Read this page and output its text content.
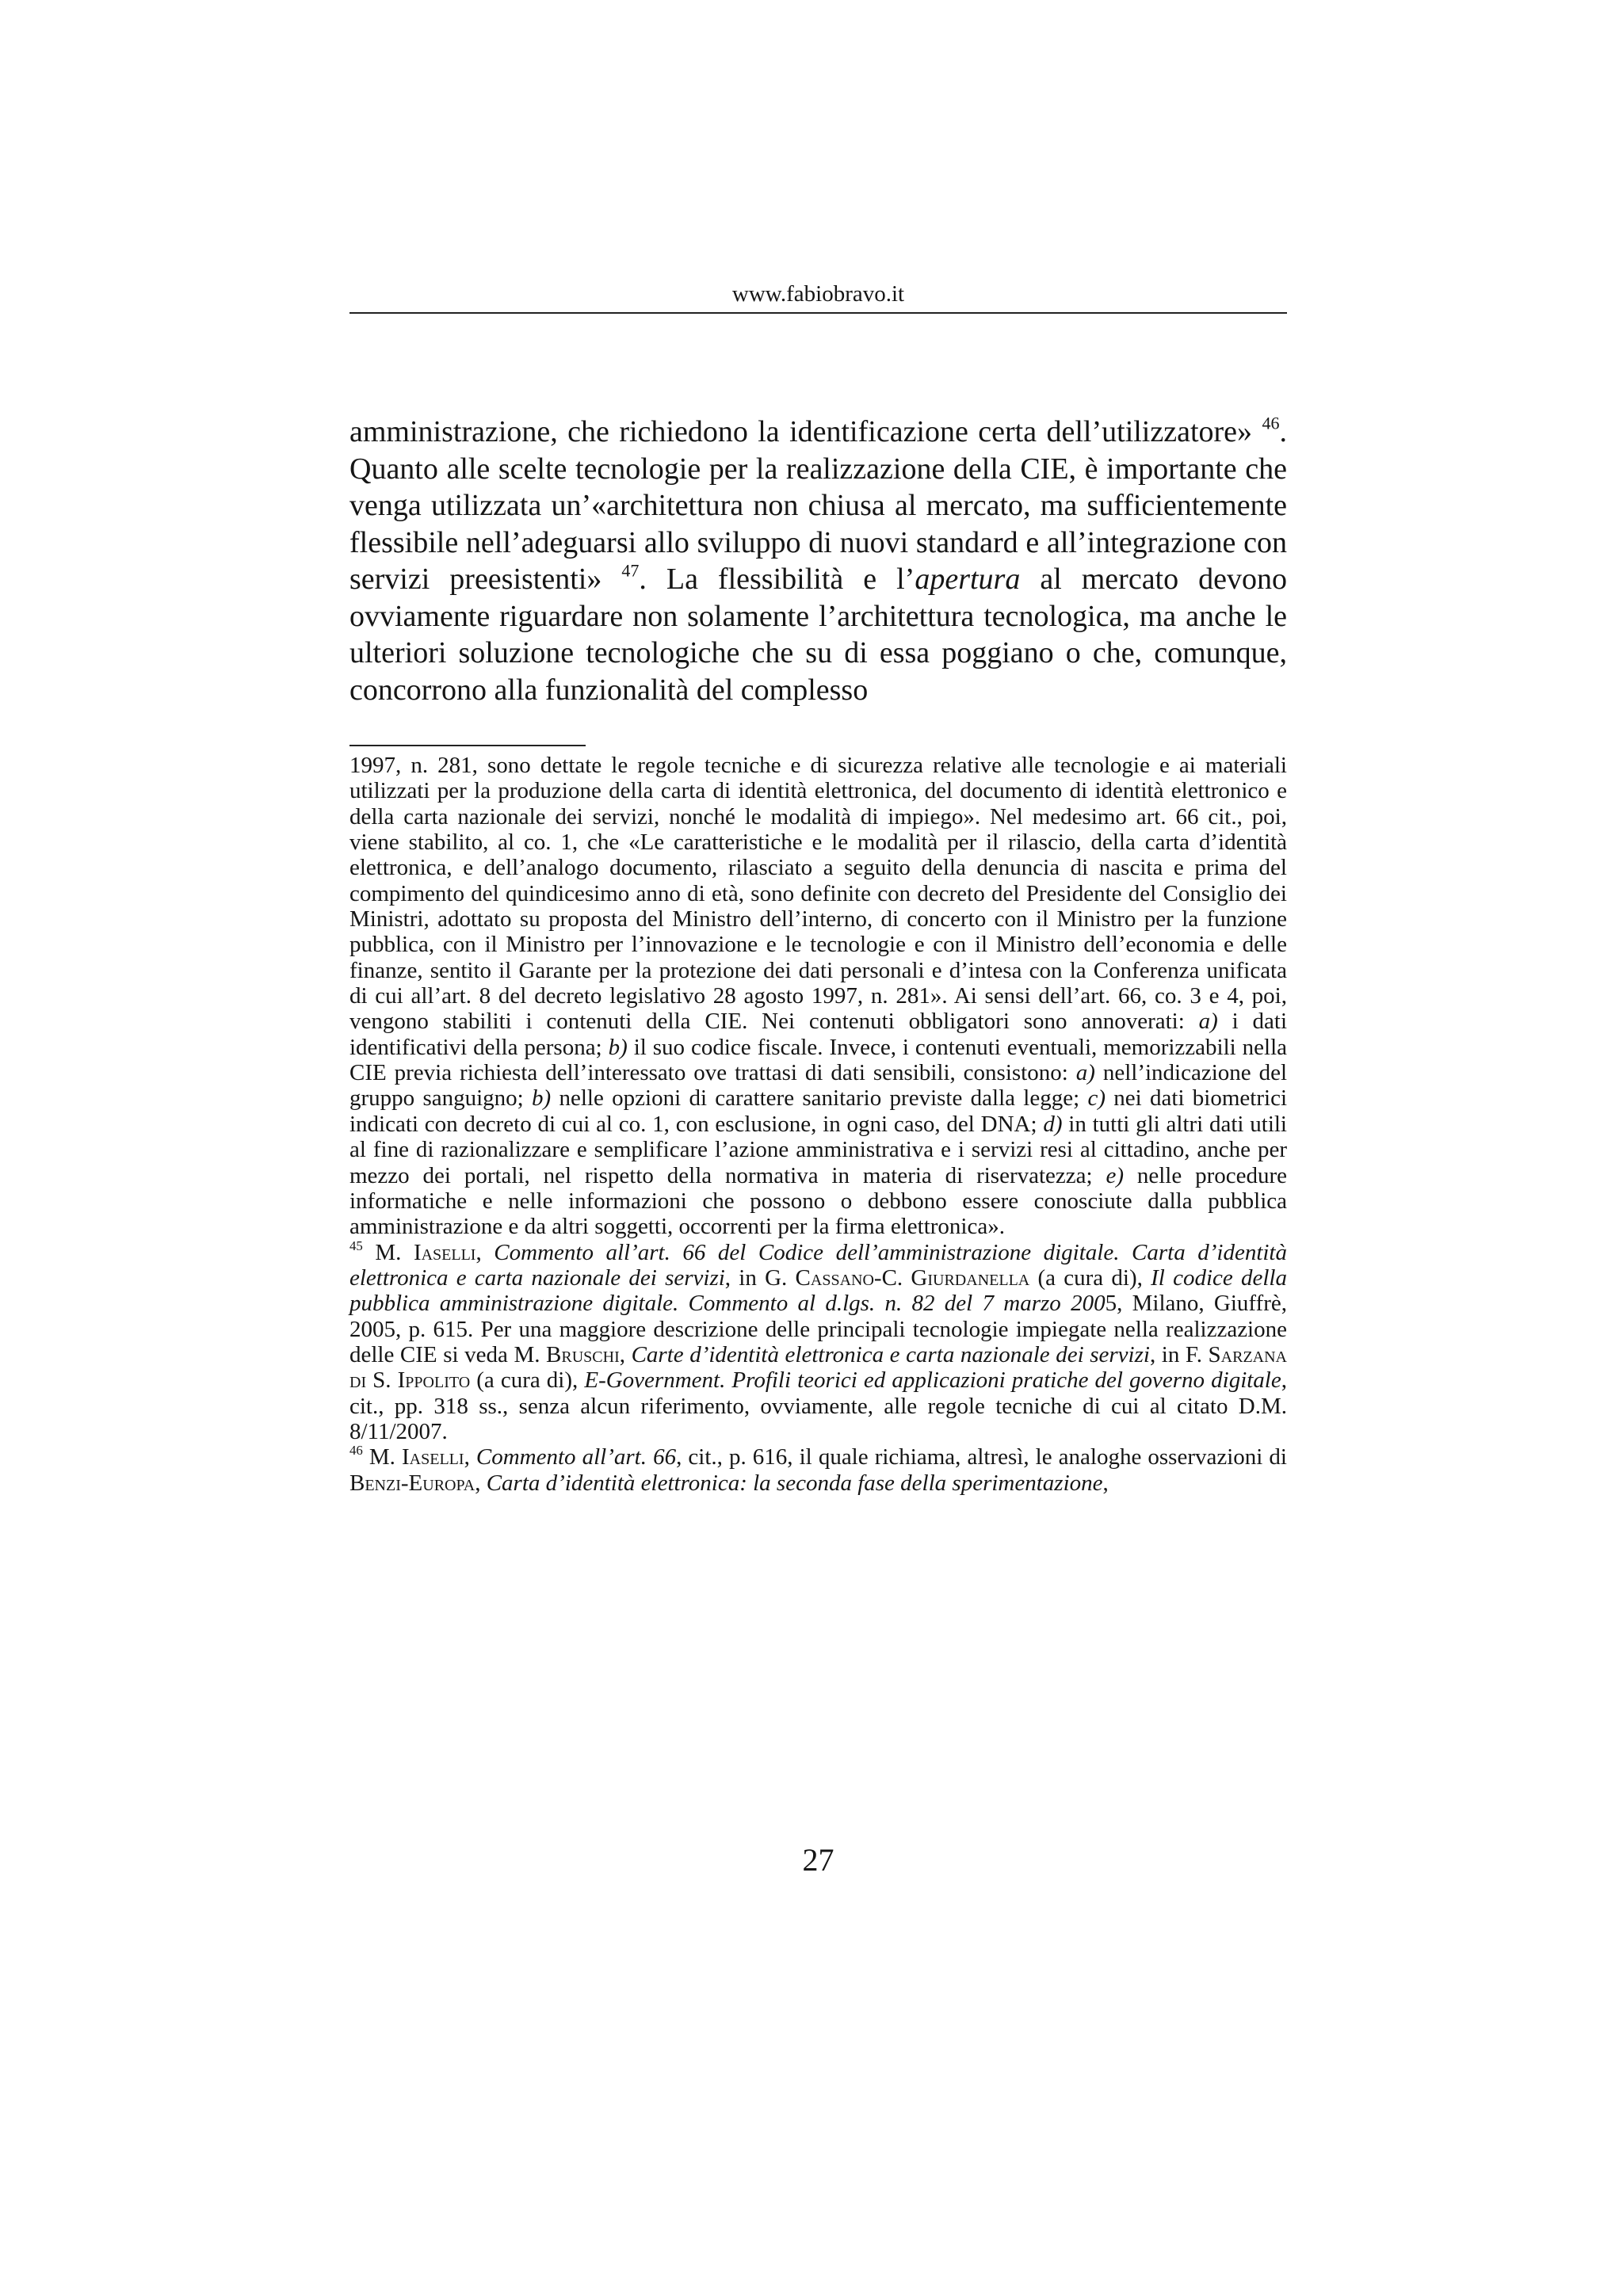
www.fabiobravo.it

amministrazione, che richiedono la identificazione certa dell’utilizzatore» $^{46}$. Quanto alle scelte tecnologie per la realizzazione della CIE, è importante che venga utilizzata un’«architettura non chiusa al mercato, ma sufficientemente flessibile nell’adeguarsi allo sviluppo di nuovi standard e all’integrazione con servizi preesistenti» $^{47}$. La flessibilità e l’apertura al mercato devono ovviamente riguardare non solamente l’architettura tecnologica, ma anche le ulteriori soluzione tecnologiche che su di essa poggiano o che, comunque, concorrono alla funzionalità del complesso

1997, n. 281, sono dettate le regole tecniche e di sicurezza relative alle tecnologie e ai materiali utilizzati per la produzione della carta di identità elettronica, del documento di identità elettronico e della carta nazionale dei servizi, nonché le modalità di impiego». Nel medesimo art. 66 cit., poi, viene stabilito, al co. 1, che «Le caratteristiche e le modalità per il rilascio, della carta d’identità elettronica, e dell’analogo documento, rilasciato a seguito della denuncia di nascita e prima del compimento del quindicesimo anno di età, sono definite con decreto del Presidente del Consiglio dei Ministri, adottato su proposta del Ministro dell’interno, di concerto con il Ministro per la funzione pubblica, con il Ministro per l’innovazione e le tecnologie e con il Ministro dell’economia e delle finanze, sentito il Garante per la protezione dei dati personali e d’intesa con la Conferenza unificata di cui all’art. 8 del decreto legislativo 28 agosto 1997, n. 281». Ai sensi dell’art. 66, co. 3 e 4, poi, vengono stabiliti i contenuti della CIE. Nei contenuti obbligatori sono annoverati: a) i dati identificativi della persona; b) il suo codice fiscale. Invece, i contenuti eventuali, memorizzabili nella CIE previa richiesta dell’interessato ove trattasi di dati sensibili, consistono: a) nell’indicazione del gruppo sanguigno; b) nelle opzioni di carattere sanitario previste dalla legge; c) nei dati biometrici indicati con decreto di cui al co. 1, con esclusione, in ogni caso, del DNA; d) in tutti gli altri dati utili al fine di razionalizzare e semplificare l’azione amministrativa e i servizi resi al cittadino, anche per mezzo dei portali, nel rispetto della normativa in materia di riservatezza; e) nelle procedure informatiche e nelle informazioni che possono o debbono essere conosciute dalla pubblica amministrazione e da altri soggetti, occorrenti per la firma elettronica».

$^{45}$ M. Iaselli, Commento all’art. 66 del Codice dell’amministrazione digitale. Carta d’identità elettronica e carta nazionale dei servizi, in G. Cassano-C. Giurdanella (a cura di), Il codice della pubblica amministrazione digitale. Commento al d.lgs. n. 82 del 7 marzo 2005, Milano, Giuffrè, 2005, p. 615. Per una maggiore descrizione delle principali tecnologie impiegate nella realizzazione delle CIE si veda M. Bruschi, Carte d’identità elettronica e carta nazionale dei servizi, in F. Sarzana di S. Ippolito (a cura di), E-Government. Profili teorici ed applicazioni pratiche del governo digitale, cit., pp. 318 ss., senza alcun riferimento, ovviamente, alle regole tecniche di cui al citato D.M. 8/11/2007.

$^{46}$ M. Iaselli, Commento all’art. 66, cit., p. 616, il quale richiama, altresì, le analoghe osservazioni di Benzi-Europa, Carta d’identità elettronica: la seconda fase della sperimentazione,

27
